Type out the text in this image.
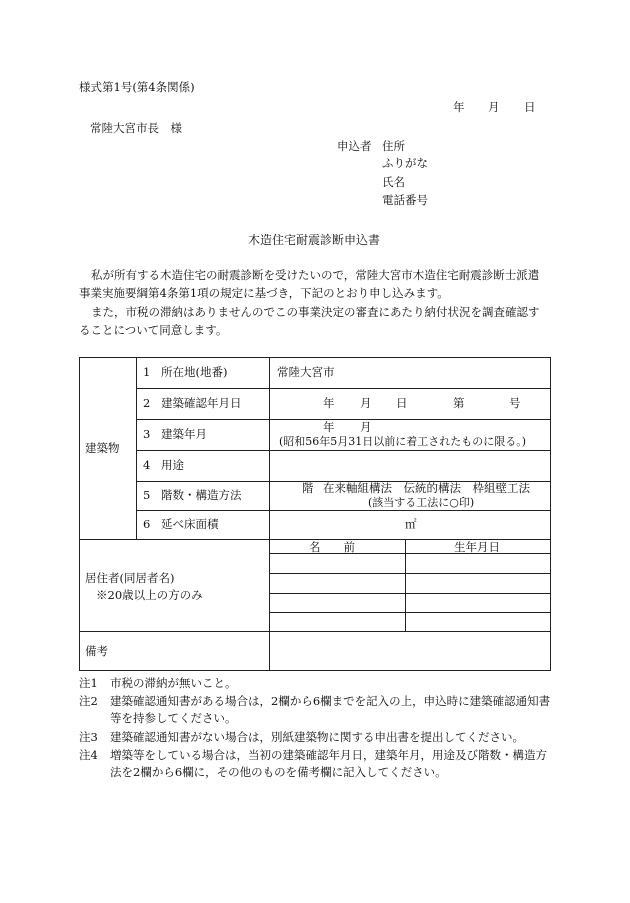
様式第1号(第4条関係)
年 月 日
常陸大宮市長　様
申込者 住所
ふりがな
氏名
電話番号
木造住宅耐震診断申込書
私が所有する木造住宅の耐震診断を受けたいので，常陸大宮市木造住宅耐震診断士派遣
事業実施要綱第4条第1項の規定に基づき，下記のとおり申し込みます。
また，市税の滞納はありませんのでこの事業決定の審査にあたり納付状況を調査確認す
ることについて同意します。
建築物
1 所在地(地番)	常陸大宮市
2 建築確認年月日	年 月 日	第	号
3 建築年月	年 月
(昭和56年5月31日以前に着工されたものに限る。)
4 用途
5 階数・構造方法	階 在来軸組構法　伝統的構法　枠組壁工法
(該当する工法に○印)
6 延べ床面積	㎡
居住者(同居者名)
※20歳以上の方のみ
名　　前	生年月日
備考
注1 市税の滞納が無いこと。
注2 建築確認通知書がある場合は，2欄から6欄までを記入の上，申込時に建築確認通知書
等を持参してください。
注3 建築確認通知書がない場合は，別紙建築物に関する申出書を提出してください。
注4 増築等をしている場合は，当初の建築確認年月日，建築年月，用途及び階数・構造方
法を2欄から6欄に，その他のものを備考欄に記入してください。
